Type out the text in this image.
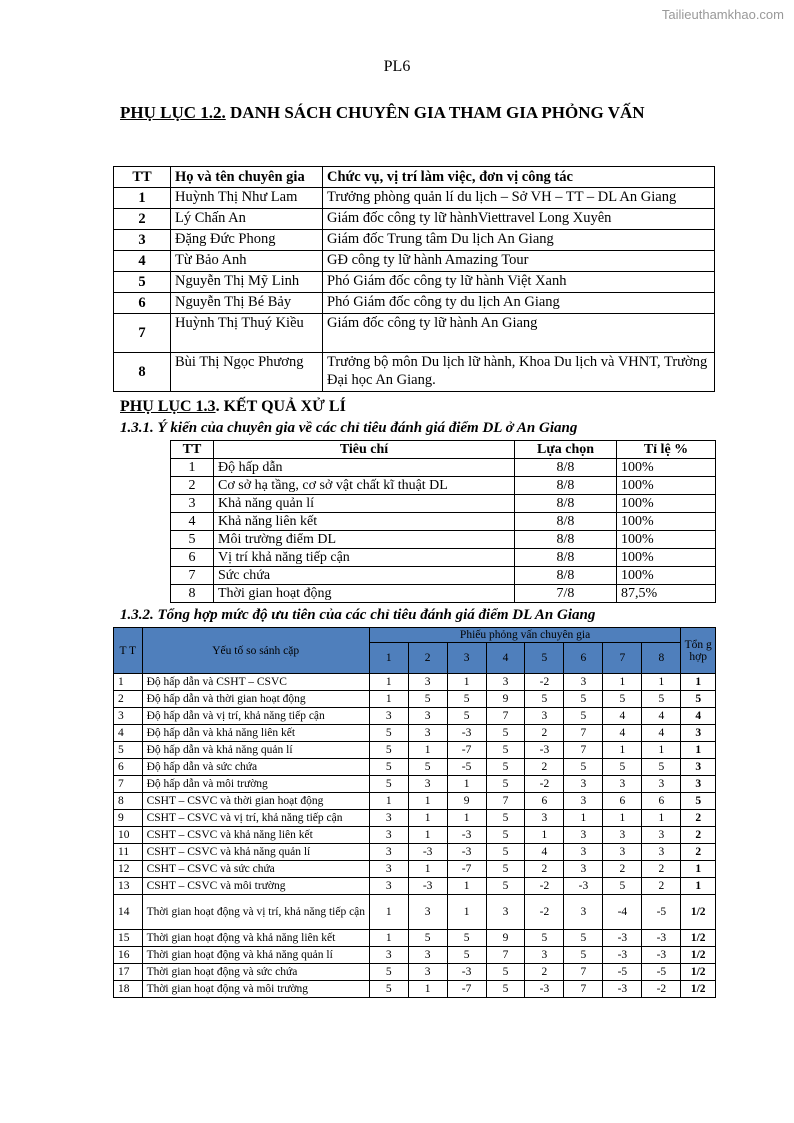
Tailieuthamkhao.com
PL6
PHỤ LỤC 1.2. DANH SÁCH CHUYÊN GIA THAM GIA PHỎNG VẤN
TT	Họ và tên chuyên gia	Chức vụ, vị trí làm việc, đơn vị công tác
1	Huỳnh Thị Như Lam	Trưởng phòng quản lí du lịch – Sở VH – TT – DL An Giang
2	Lý Chấn An	Giám đốc công ty lữ hànhViettravel Long Xuyên
3	Đặng Đức Phong	Giám đốc Trung tâm Du lịch An Giang
4	Từ Bảo Anh	GĐ công ty lữ hành Amazing Tour
5	Nguyễn Thị Mỹ Linh	Phó Giám đốc công ty lữ hành Việt Xanh
6	Nguyễn Thị Bé Bảy	Phó Giám đốc công ty du lịch An Giang
7	Huỳnh Thị Thuý Kiều	Giám đốc công ty lữ hành An Giang
8	Bùi Thị Ngọc Phương	Trưởng bộ môn Du lịch lữ hành, Khoa Du lịch và VHNT, Trường Đại học An Giang.
PHỤ LỤC 1.3. KẾT QUẢ XỬ LÍ
1.3.1. Ý kiến của chuyên gia về các chỉ tiêu đánh giá điểm DL ở An Giang
TT	Tiêu chí	Lựa chọn	Tỉ lệ %
1	Độ hấp dẫn	8/8	100%
2	Cơ sở hạ tầng, cơ sở vật chất kĩ thuật DL	8/8	100%
3	Khả năng quản lí	8/8	100%
4	Khả năng liên kết	8/8	100%
5	Môi trường điểm DL	8/8	100%
6	Vị trí khả năng tiếp cận	8/8	100%
7	Sức chứa	8/8	100%
8	Thời gian hoạt động	7/8	87,5%
1.3.2. Tổng hợp mức độ ưu tiên của các chỉ tiêu đánh giá điểm DL An Giang
T T	Yếu tố so sánh cặp	Phiếu phỏng vấn chuyên gia								Tổn g hợp
		1	2	3	4	5	6	7	8	
1	Độ hấp dẫn và CSHT – CSVC	1	3	1	3	-2	3	1	1	1
2	Độ hấp dẫn và thời gian hoạt động	1	5	5	9	5	5	5	5	5
3	Độ hấp dẫn và vị trí, khả năng tiếp cận	3	3	5	7	3	5	4	4	4
4	Độ hấp dẫn và khả năng liên kết	5	3	-3	5	2	7	4	4	3
5	Độ hấp dẫn và khả năng quản lí	5	1	-7	5	-3	7	1	1	1
6	Độ hấp dẫn và sức chứa	5	5	-5	5	2	5	5	5	3
7	Độ hấp dẫn và môi trường	5	3	1	5	-2	3	3	3	3
8	CSHT – CSVC và thời gian hoạt động	1	1	9	7	6	3	6	6	5
9	CSHT – CSVC và vị trí, khả năng tiếp cận	3	1	1	5	3	1	1	1	2
10	CSHT – CSVC và khả năng liên kết	3	1	-3	5	1	3	3	3	2
11	CSHT – CSVC và khả năng quản lí	3	-3	-3	5	4	3	3	3	2
12	CSHT – CSVC và sức chứa	3	1	-7	5	2	3	2	2	1
13	CSHT – CSVC và môi trường	3	-3	1	5	-2	-3	5	2	1
14	Thời gian hoạt động và vị trí, khả năng tiếp cận	1	3	1	3	-2	3	-4	-5	1/2
15	Thời gian hoạt động và khả năng liên kết	1	5	5	9	5	5	-3	-3	1/2
16	Thời gian hoạt động và khả năng quản lí	3	3	5	7	3	5	-3	-3	1/2
17	Thời gian hoạt động và sức chứa	5	3	-3	5	2	7	-5	-5	1/2
18	Thời gian hoạt động và môi trường	5	1	-7	5	-3	7	-3	-2	1/2
